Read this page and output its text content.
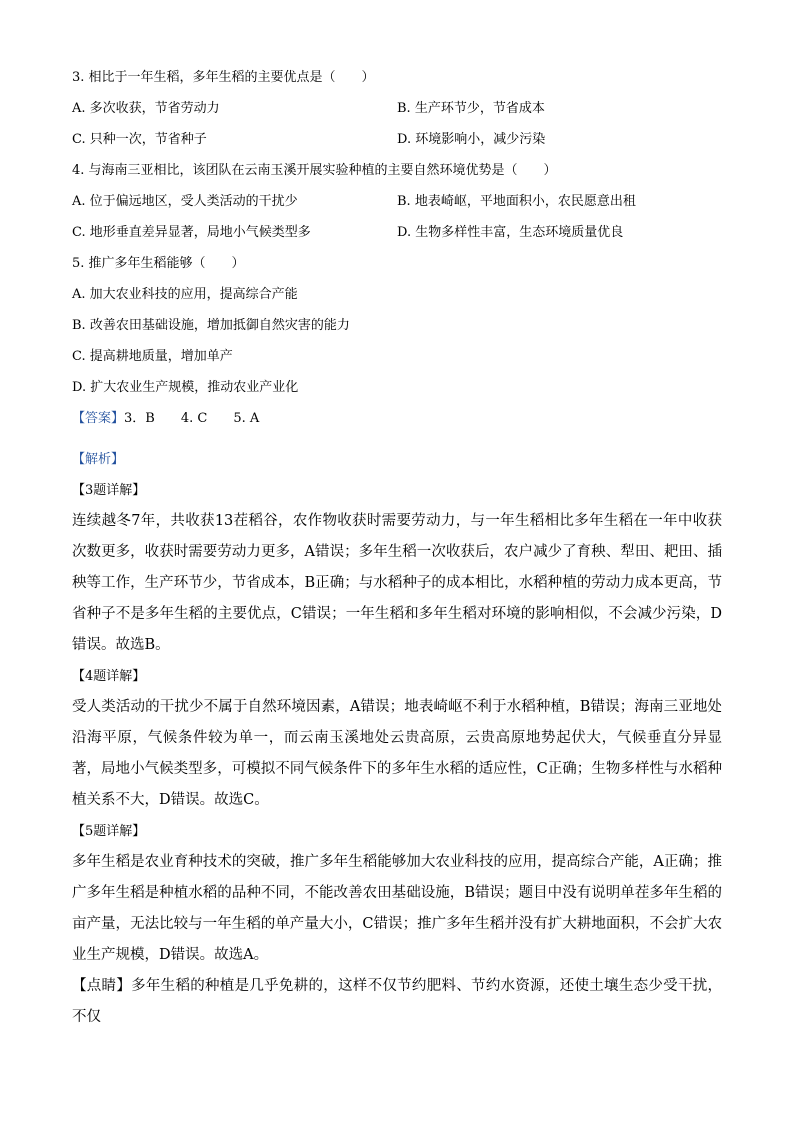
3. 相比于一年生稻，多年生稻的主要优点是（　　）
A. 多次收获，节省劳动力	B. 生产环节少，节省成本
C. 只种一次，节省种子	D. 环境影响小，减少污染
4. 与海南三亚相比，该团队在云南玉溪开展实验种植的主要自然环境优势是（　　）
A. 位于偏远地区，受人类活动的干扰少	B. 地表崎岖，平地面积小，农民愿意出租
C. 地形垂直差异显著，局地小气候类型多	D. 生物多样性丰富，生态环境质量优良
5. 推广多年生稻能够（　　）
A. 加大农业科技的应用，提高综合产能
B. 改善农田基础设施，增加抵御自然灾害的能力
C. 提高耕地质量，增加单产
D. 扩大农业生产规模，推动农业产业化
【答案】3．B　　4. C　　5. A
【解析】
【3题详解】

连续越冬7年，共收获13茬稻谷，农作物收获时需要劳动力，与一年生稻相比多年生稻在一年中收获次数更多，收获时需要劳动力更多，A错误；多年生稻一次收获后，农户减少了育秧、犁田、耙田、插秧等工作，生产环节少，节省成本，B正确；与水稻种子的成本相比，水稻种植的劳动力成本更高，节省种子不是多年生稻的主要优点，C错误；一年生稻和多年生稻对环境的影响相似，不会减少污染，D错误。故选B。

【4题详解】

受人类活动的干扰少不属于自然环境因素，A错误；地表崎岖不利于水稻种植，B错误；海南三亚地处沿海平原，气候条件较为单一，而云南玉溪地处云贵高原，云贵高原地势起伏大，气候垂直分异显著，局地小气候类型多，可模拟不同气候条件下的多年生水稻的适应性，C正确；生物多样性与水稻种植关系不大，D错误。故选C。

【5题详解】

多年生稻是农业育种技术的突破，推广多年生稻能够加大农业科技的应用，提高综合产能，A正确；推广多年生稻是种植水稻的品种不同，不能改善农田基础设施，B错误；题目中没有说明单茬多年生稻的亩产量，无法比较与一年生稻的单产量大小，C错误；推广多年生稻并没有扩大耕地面积，不会扩大农业生产规模，D错误。故选A。

【点睛】多年生稻的种植是几乎免耕的，这样不仅节约肥料、节约水资源，还使土壤生态少受干扰，不仅
